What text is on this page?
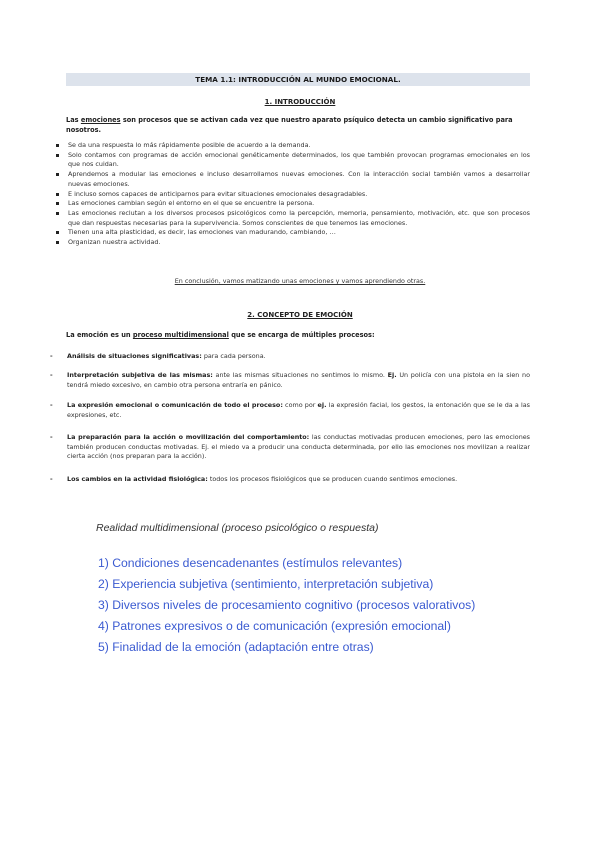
TEMA 1.1: INTRODUCCIÓN AL MUNDO EMOCIONAL.
1. INTRODUCCIÓN
Las emociones son procesos que se activan cada vez que nuestro aparato psíquico detecta un cambio significativo para nosotros.
Se da una respuesta lo más rápidamente posible de acuerdo a la demanda.
Solo contamos con programas de acción emocional genéticamente determinados, los que también provocan programas emocionales en los que nos cuidan.
Aprendemos a modular las emociones e incluso desarrollamos nuevas emociones. Con la interacción social también vamos a desarrollar nuevas emociones.
E incluso somos capaces de anticiparnos para evitar situaciones emocionales desagradables.
Las emociones cambian según el entorno en el que se encuentre la persona.
Las emociones reclutan a los diversos procesos psicológicos como la percepción, memoria, pensamiento, motivación, etc. que son procesos que dan respuestas necesarias para la supervivencia. Somos conscientes de que tenemos las emociones.
Tienen una alta plasticidad, es decir, las emociones van madurando, cambiando, …
Organizan nuestra actividad.
En conclusión, vamos matizando unas emociones y vamos aprendiendo otras.
2. CONCEPTO DE EMOCIÓN
La emoción es un proceso multidimensional que se encarga de múltiples procesos:
- Análisis de situaciones significativas: para cada persona.
- Interpretación subjetiva de las mismas: ante las mismas situaciones no sentimos lo mismo. Ej. Un policía con una pistola en la sien no tendrá miedo excesivo, en cambio otra persona entraría en pánico.
- La expresión emocional o comunicación de todo el proceso: como por ej. la expresión facial, los gestos, la entonación que se le da a las expresiones, etc.
- La preparación para la acción o movilización del comportamiento: las conductas motivadas producen emociones, pero las emociones también producen conductas motivadas. Ej. el miedo va a producir una conducta determinada, por ello las emociones nos movilizan a realizar cierta acción (nos preparan para la acción).
- Los cambios en la actividad fisiológica: todos los procesos fisiológicos que se producen cuando sentimos emociones.
Realidad multidimensional (proceso psicológico o respuesta)
1) Condiciones desencadenantes (estímulos relevantes)
2) Experiencia subjetiva (sentimiento, interpretación subjetiva)
3) Diversos niveles de procesamiento cognitivo (procesos valorativos)
4) Patrones expresivos o de comunicación (expresión emocional)
5) Finalidad de la emoción (adaptación entre otras)
